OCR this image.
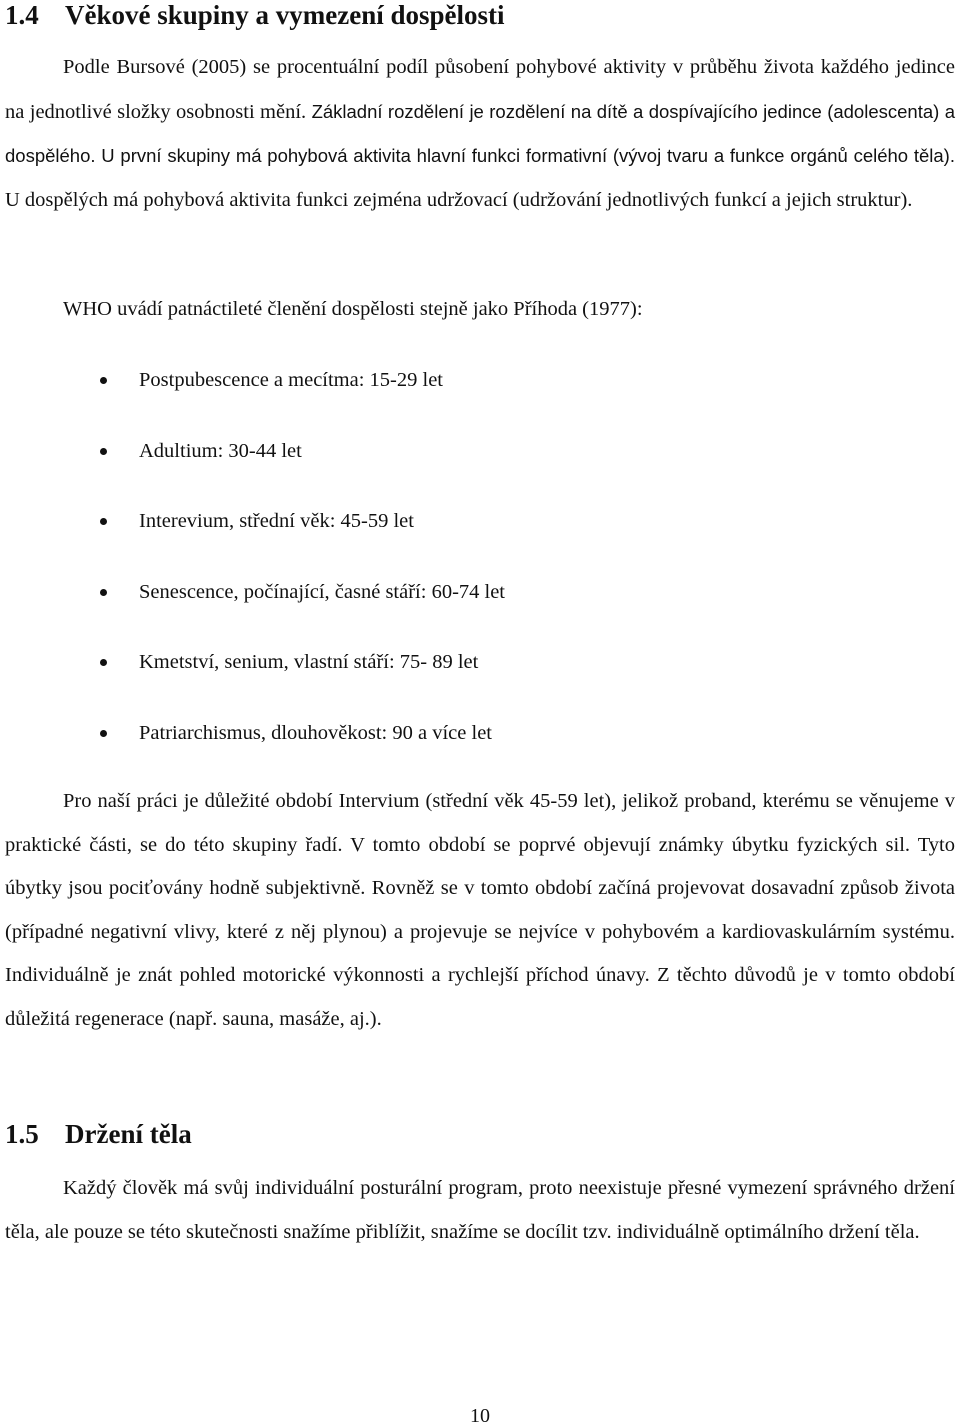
1.4 Věkové skupiny a vymezení dospělosti

Podle Bursové (2005) se procentuální podíl působení pohybové aktivity v průběhu života každého jedince na jednotlivé složky osobnosti mění. Základní rozdělení je rozdělení na dítě a dospívajícího jedince (adolescenta) a dospělého. U první skupiny má pohybová aktivita hlavní funkci formativní (vývoj tvaru a funkce orgánů celého těla). U dospělých má pohybová aktivita funkci zejména udržovací (udržování jednotlivých funkcí a jejich struktur).

WHO uvádí patnáctileté členění dospělosti stejně jako Příhoda (1977):

Postpubescence a mecítma: 15-29 let
Adultium: 30-44 let
Interevium, střední věk: 45-59 let
Senescence, počínající, časné stáří: 60-74 let
Kmetství, senium, vlastní stáří: 75- 89 let
Patriarchismus, dlouhověkost: 90 a více let

Pro naší práci je důležité období Intervium (střední věk 45-59 let), jelikož proband, kterému se věnujeme v praktické části, se do této skupiny řadí. V tomto období se poprvé objevují známky úbytku fyzických sil. Tyto úbytky jsou pociťovány hodně subjektivně. Rovněž se v tomto období začíná projevovat dosavadní způsob života (případné negativní vlivy, které z něj plynou) a projevuje se nejvíce v pohybovém a kardiovaskulárním systému. Individuálně je znát pohled motorické výkonnosti a rychlejší příchod únavy. Z těchto důvodů je v tomto období důležitá regenerace (např. sauna, masáže, aj.).

1.5 Držení těla

Každý člověk má svůj individuální posturální program, proto neexistuje přesné vymezení správného držení těla, ale pouze se této skutečnosti snažíme přiblížit, snažíme se docílit tzv. individuálně optimálního držení těla.

10
